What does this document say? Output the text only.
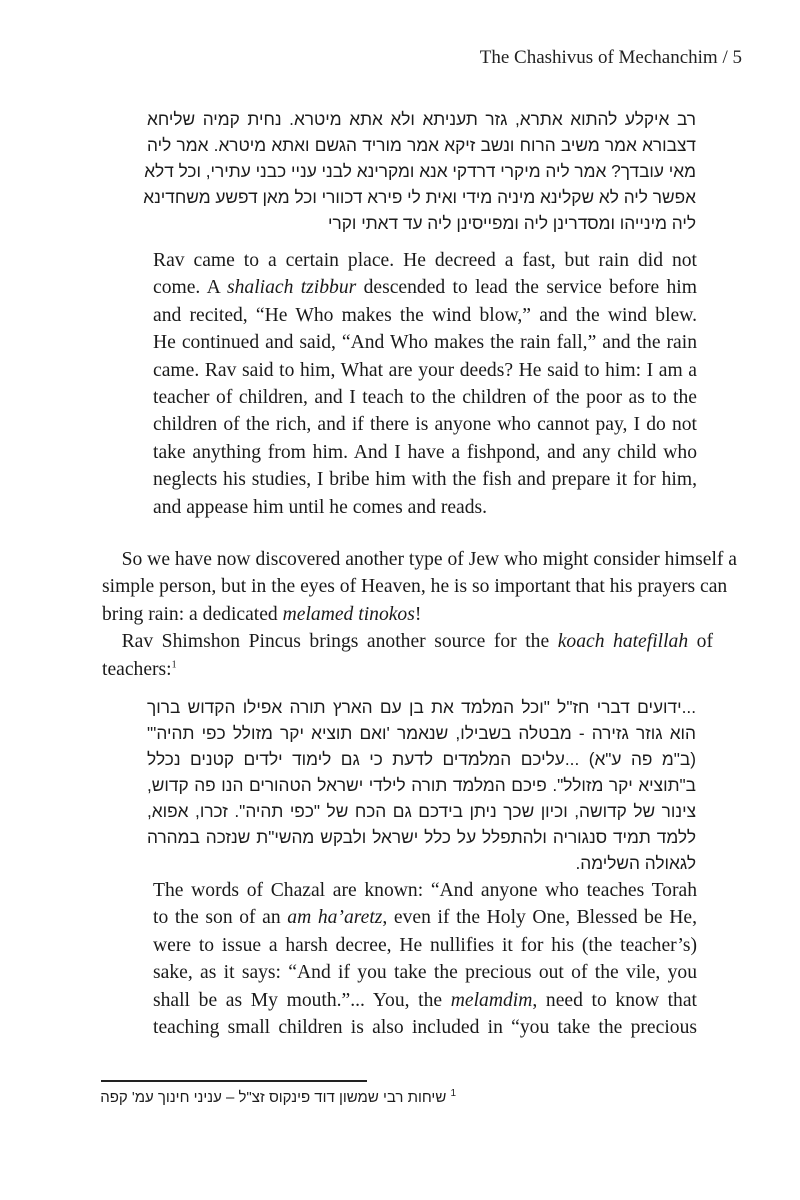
The Chashivus of Mechanchim / 5
רב איקלע להתוא אתרא, גזר תעניתא ולא אתא מיטרא. נחית קמיה שליחא
דצבורא אמר משיב הרוח ונשב זיקא אמר מוריד הגשם ואתא מיטרא. אמר ליה
מאי עובדך? אמר ליה מיקרי דרדקי אנא ומקרינא לבני עניי כבני עתירי, וכל דלא
אפשר ליה לא שקלינא מיניה מידי ואית לי פירא דכוורי וכל מאן דפשע משחדינא
ליה מינייהו ומסדרינן ליה ומפייסינן ליה עד דאתי וקרי
Rav came to a certain place. He decreed a fast, but rain did not
come. A shaliach tzibbur descended to lead the service before him
and recited, “He Who makes the wind blow,” and the wind blew.
He continued and said, “And Who makes the rain fall,” and the rain
came. Rav said to him, What are your deeds? He said to him: I am a
teacher of children, and I teach to the children of the poor as to the
children of the rich, and if there is anyone who cannot pay, I do not
take anything from him. And I have a fishpond, and any child who
neglects his studies, I bribe him with the fish and prepare it for him,
and appease him until he comes and reads.
 So we have now discovered another type of Jew who might consider himself a
simple person, but in the eyes of Heaven, he is so important that his prayers can
bring rain: a dedicated melamed tinokos!
 Rav Shimshon Pincus brings another source for the koach hatefillah of
teachers:$^1$
...ידועים דברי חז"ל "וכל המלמד את בן עם הארץ תורה אפילו הקדוש ברוך
הוא גוזר גזירה - מבטלה בשבילו, שנאמר 'ואם תוציא יקר מזולל כפי תהיה'"
(ב"מ פה ע"א) ...עליכם המלמדים לדעת כי גם לימוד ילדים קטנים נכלל
ב"תוציא יקר מזולל". פיכם המלמד תורה לילדי ישראל הטהורים הנו פה קדוש,
צינור של קדושה, וכיון שכך ניתן בידכם גם הכח של "כפי תהיה". זכרו, אפוא,
ללמד תמיד סנגוריה ולהתפלל על כלל ישראל ולבקש מהשי"ת שנזכה במהרה
לגאולה השלימה.
The words of Chazal are known: “And anyone who teaches Torah
to the son of an am ha’aretz, even if the Holy One, Blessed be He,
were to issue a harsh decree, He nullifies it for his (the teacher’s)
sake, as it says: “And if you take the precious out of the vile, you
shall be as My mouth.”... You, the melamdim, need to know that
teaching small children is also included in “you take the precious
$^1$ שיחות רבי שמשון דוד פינקוס זצ"ל – עניני חינוך עמ' קפה
